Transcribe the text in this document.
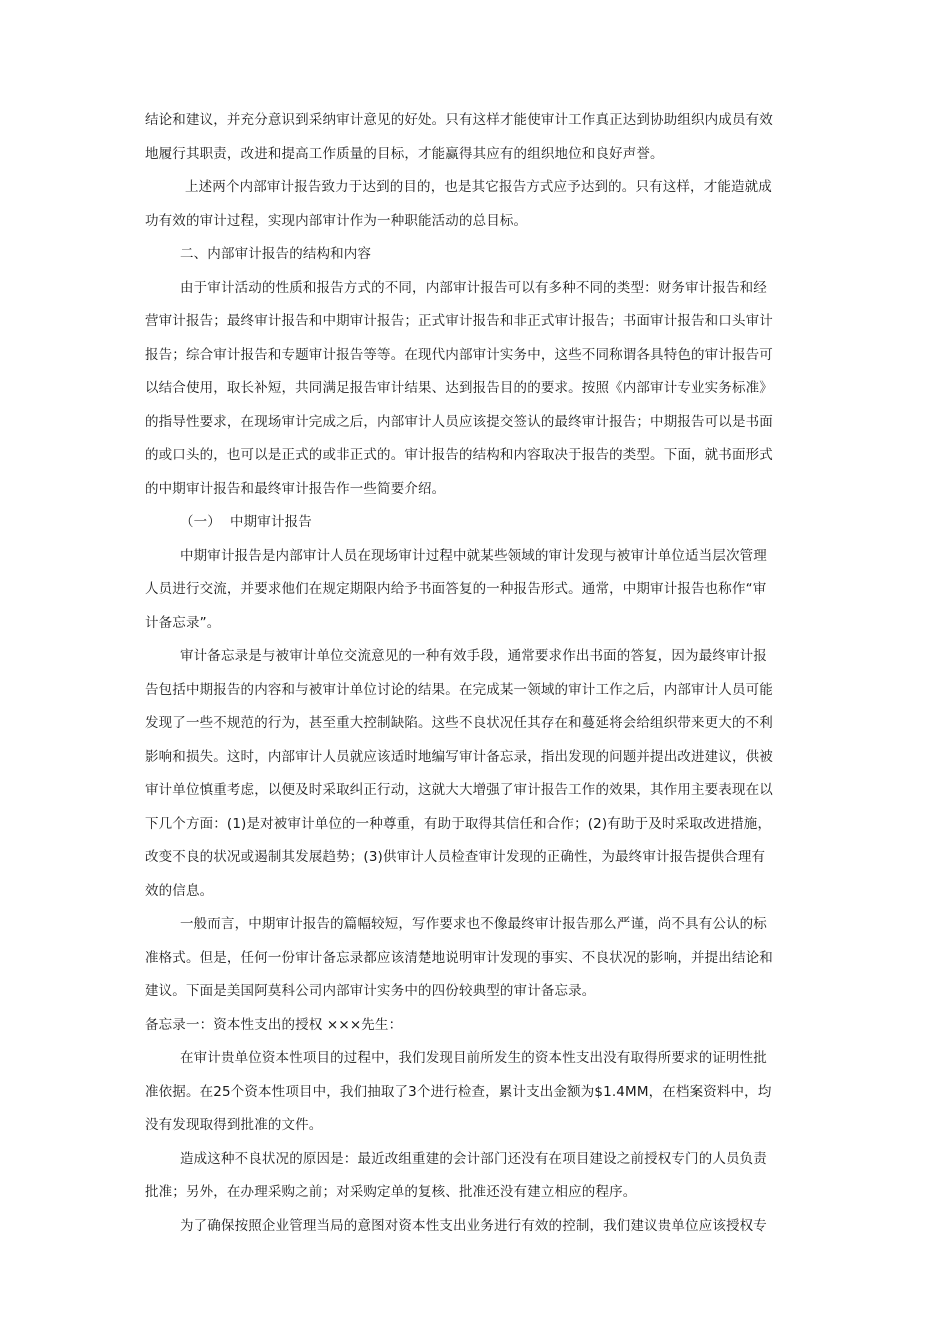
结论和建议，并充分意识到采纳审计意见的好处。只有这样才能使审计工作真正达到协助组织内成员有效
地履行其职责，改进和提高工作质量的目标，才能赢得其应有的组织地位和良好声誉。
上述两个内部审计报告致力于达到的目的，也是其它报告方式应予达到的。只有这样，才能造就成
功有效的审计过程，实现内部审计作为一种职能活动的总目标。
二、内部审计报告的结构和内容
由于审计活动的性质和报告方式的不同，内部审计报告可以有多种不同的类型：财务审计报告和经
营审计报告；最终审计报告和中期审计报告；正式审计报告和非正式审计报告；书面审计报告和口头审计
报告；综合审计报告和专题审计报告等等。在现代内部审计实务中，这些不同称谓各具特色的审计报告可
以结合使用，取长补短，共同满足报告审计结果、达到报告目的的要求。按照《内部审计专业实务标准》
的指导性要求，在现场审计完成之后，内部审计人员应该提交签认的最终审计报告；中期报告可以是书面
的或口头的，也可以是正式的或非正式的。审计报告的结构和内容取决于报告的类型。下面，就书面形式
的中期审计报告和最终审计报告作一些简要介绍。
（一） 中期审计报告
中期审计报告是内部审计人员在现场审计过程中就某些领域的审计发现与被审计单位适当层次管理
人员进行交流，并要求他们在规定期限内给予书面答复的一种报告形式。通常，中期审计报告也称作“审
计备忘录”。
审计备忘录是与被审计单位交流意见的一种有效手段，通常要求作出书面的答复，因为最终审计报
告包括中期报告的内容和与被审计单位讨论的结果。在完成某一领域的审计工作之后，内部审计人员可能
发现了一些不规范的行为，甚至重大控制缺陷。这些不良状况任其存在和蔓延将会给组织带来更大的不利
影响和损失。这时，内部审计人员就应该适时地编写审计备忘录，指出发现的问题并提出改进建议，供被
审计单位慎重考虑，以便及时采取纠正行动，这就大大增强了审计报告工作的效果，其作用主要表现在以
下几个方面：(1)是对被审计单位的一种尊重，有助于取得其信任和合作；(2)有助于及时采取改进措施，
改变不良的状况或遏制其发展趋势；(3)供审计人员检查审计发现的正确性，为最终审计报告提供合理有
效的信息。
一般而言，中期审计报告的篇幅较短，写作要求也不像最终审计报告那么严谨，尚不具有公认的标
准格式。但是，任何一份审计备忘录都应该清楚地说明审计发现的事实、不良状况的影响，并提出结论和
建议。下面是美国阿莫科公司内部审计实务中的四份较典型的审计备忘录。
备忘录一：资本性支出的授权 ×××先生：
在审计贵单位资本性项目的过程中，我们发现目前所发生的资本性支出没有取得所要求的证明性批
准依据。在25个资本性项目中，我们抽取了3个进行检查，累计支出金额为$1.4MM，在档案资料中，均
没有发现取得到批准的文件。
造成这种不良状况的原因是：最近改组重建的会计部门还没有在项目建设之前授权专门的人员负责
批准；另外，在办理采购之前；对采购定单的复核、批准还没有建立相应的程序。
为了确保按照企业管理当局的意图对资本性支出业务进行有效的控制，我们建议贵单位应该授权专
